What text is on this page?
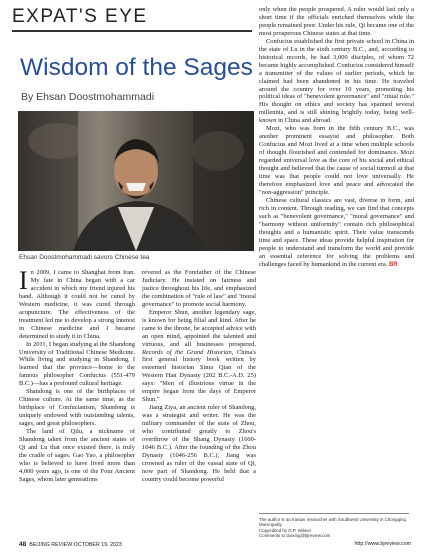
EXPAT'S EYE
Wisdom of the Sages
By Ehsan Doostmohammadi
Ehsan Doostmohammadi savors Chinese tea

In 2009, I came to Shanghai from Iran. My fate in China began with a car accident in which my friend injured his hand. Although it could not be cured by Western medicine, it was cured through acupuncture. The effectiveness of the treatment led me to develop a strong interest in Chinese medicine and I became determined to study it in China.

In 2011, I began studying at the Shandong University of Traditional Chinese Medicine. While living and studying in Shandong, I learned that the province—home to the famous philosopher Confucius (551-479 B.C.)—has a profound cultural heritage.

Shandong is one of the birthplaces of Chinese culture. At the same time, as the birthplace of Confucianism, Shandong is uniquely endowed with outstanding talents, sages, and great philosophers.

The land of Qilu, a nickname of Shandong taken from the ancient states of Qi and Lu that once existed there, is truly the cradle of sages. Gao Yao, a philosopher who is believed to have lived more than 4,000 years ago, is one of the Four Ancient Sages, whom later generations

revered as the Forefather of the Chinese Judiciary. He insisted on fairness and justice throughout his life, and emphasized the combination of "rule of law" and "moral governance" to promote social harmony.

Emperor Shun, another legendary sage, is known for being filial and kind. After he came to the throne, he accepted advice with an open mind, appointed the talented and virtuous, and all businesses prospered. Records of the Grand Historian, China's first general history book written by esteemed historian Sima Qian of the Western Han Dynasty (202 B.C.-A.D. 25) says: "Men of illustrious virtue in the empire began from the days of Emperor Shun."

Jiang Ziya, an ancient ruler of Shandong, was a strategist and writer. He was the military commander of the state of Zhou, who contributed greatly to Zhou's overthrow of the Shang Dynasty (1600-1046 B.C.). After the founding of the Zhou Dynasty (1046-256 B.C.), Jiang was crowned as ruler of the vassal state of Qi, now part of Shandong. He held that a country could become powerful

only when the people prospered. A ruler would last only a short time if the officials enriched themselves while the people remained poor. Under his rule, Qi became one of the most prosperous Chinese states at that time.

Confucius established the first private school in China in the state of Lu in the sixth century B.C., and, according to historical records, he had 3,000 disciples, of whom 72 became highly accomplished. Confucius considered himself a transmitter of the values of earlier periods, which he claimed had been abandoned in his time. He traveled around the country for over 10 years, promoting his political ideas of "benevolent governance" and "ritual rule." His thought on ethics and society has spanned several millennia, and is still shining brightly today, being well-known in China and abroad.

Mozi, who was born in the fifth century B.C., was another prominent essayist and philosopher. Both Confucius and Mozi lived at a time when multiple schools of thought flourished and contended for dominance. Mozi regarded universal love as the core of his social and ethical thought and believed that the cause of social turmoil at that time was that people could not love universally. He therefore emphasized love and peace and advocated the "non-aggression" principle.

Chinese cultural classics are vast, diverse in form, and rich in content. Through reading, we can find that concepts such as "benevolent governance," "moral governance" and "harmony without uniformity" contain rich philosophical thoughts and a humanistic spirit. Their value transcends time and space. These ideas provide helpful inspiration for people to understand and transform the world and provide an essential reference for solving the problems and challenges faced by humankind in the current era. BR

The author is an Iranian researcher with Southwest University in Chongqing Municipality
Copyedited by G.P. Wilson
Comments to taoxing@bjreview.com
48 BEIJING REVIEW OCTOBER 19, 2023	http://www.bjreview.com
